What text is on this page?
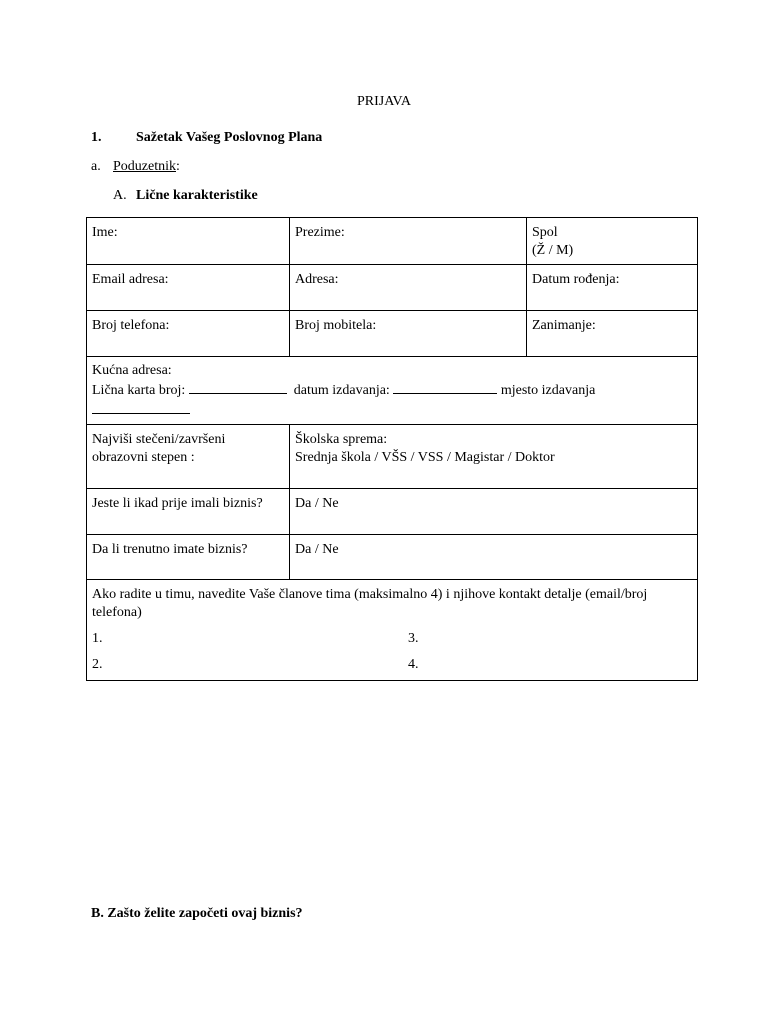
PRIJAVA
1. Sažetak Vašeg Poslovnog Plana
a. Poduzetnik:
A. Lične karakteristike
Ime:	Prezime:	Spol
(Ž / M)

Email adresa:	Adresa:	Datum rođenja:
Broj telefona:	Broj mobitela:	Zanimanje:

Kućna adresa:
Lična karta broj: datum izdavanja: mjesto izdavanja		

Najviši stečeni/završeni obrazovni stepen :	Školska sprema:
Srednja škola / VŠS / VSS / Magistar / Doktor	

Jeste li ikad prije imali biznis?	Da / Ne	
Da li trenutno imate biznis?	Da / Ne	

Ako radite u timu, navedite Vaše članove tima (maksimalno 4) i njihove kontakt detalje (email/broj telefona)
1. 3.
2. 4.		
B. Zašto želite započeti ovaj biznis?
